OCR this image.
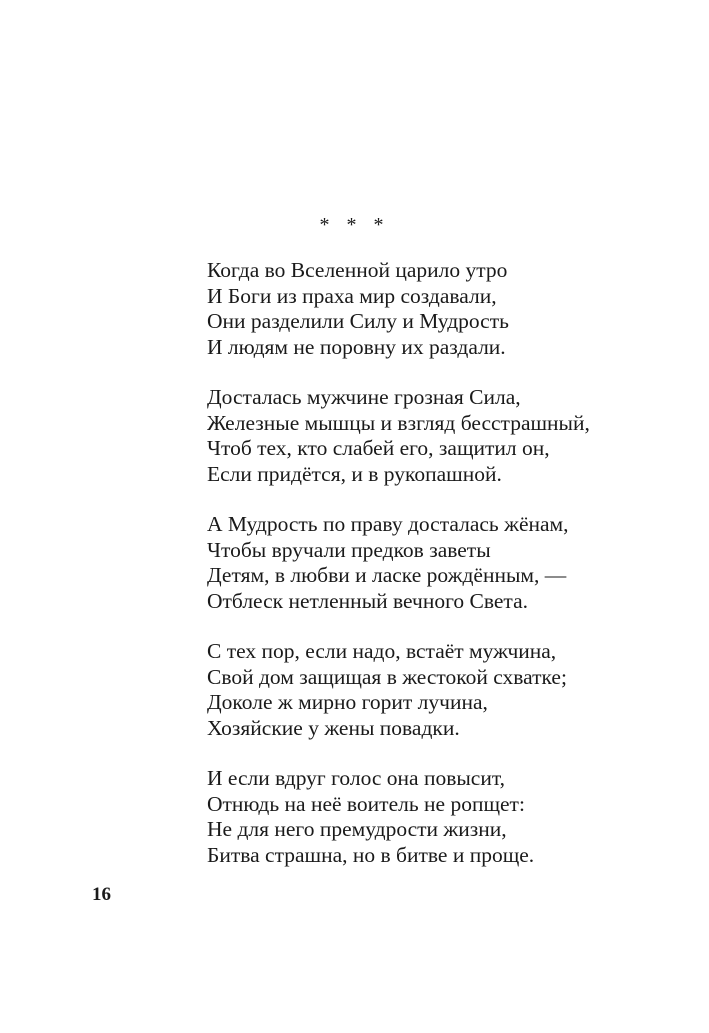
* * *
Когда во Вселенной царило утро
И Боги из праха мир создавали,
Они разделили Силу и Мудрость
И людям не поровну их раздали.
Досталась мужчине грозная Сила,
Железные мышцы и взгляд бесстрашный,
Чтоб тех, кто слабей его, защитил он,
Если придётся, и в рукопашной.
А Мудрость по праву досталась жёнам,
Чтобы вручали предков заветы
Детям, в любви и ласке рождённым, —
Отблеск нетленный вечного Света.
С тех пор, если надо, встаёт мужчина,
Свой дом защищая в жестокой схватке;
Доколе ж мирно горит лучина,
Хозяйские у жены повадки.
И если вдруг голос она повысит,
Отнюдь на неё воитель не ропщет:
Не для него премудрости жизни,
Битва страшна, но в битве и проще.
16
